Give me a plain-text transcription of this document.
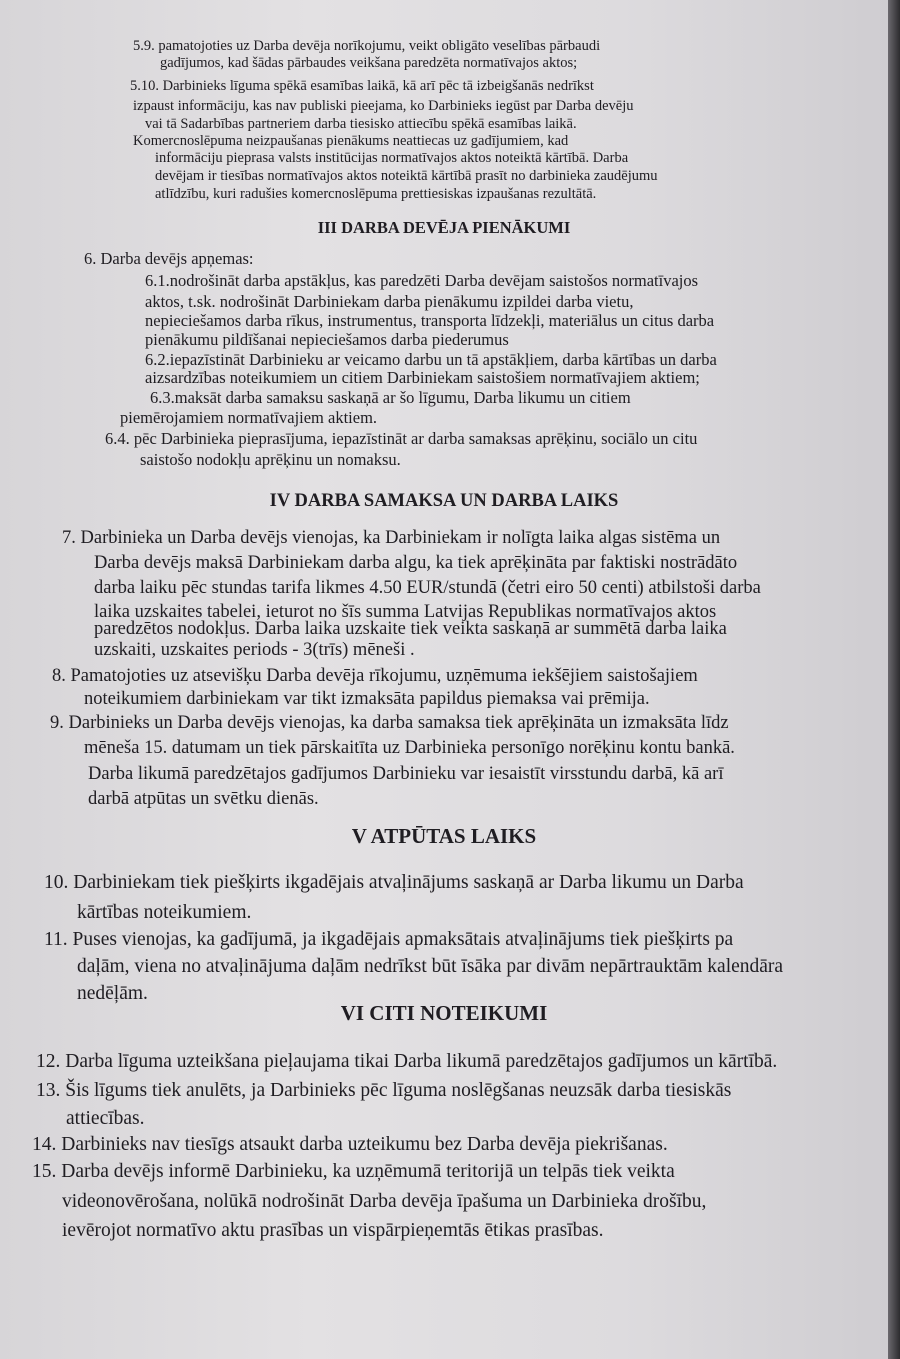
5.9. pamatojoties uz Darba devēja norīkojumu, veikt obligāto veselības pārbaudi
gadījumos, kad šādas pārbaudes veikšana paredzēta normatīvajos aktos;
5.10. Darbinieks līguma spēkā esamības laikā, kā arī pēc tā izbeigšanās nedrīkst
izpaust informāciju, kas nav publiski pieejama, ko Darbinieks iegūst par Darba devēju
vai tā Sadarbības partneriem darba tiesisko attiecību spēkā esamības laikā.
Komercnoslēpuma neizpaušanas pienākums neattiecas uz gadījumiem, kad
informāciju pieprasa valsts institūcijas normatīvajos aktos noteiktā kārtībā. Darba
devējam ir tiesības normatīvajos aktos noteiktā kārtībā prasīt no darbinieka zaudējumu
atlīdzību, kuri radušies komercnoslēpuma prettiesiskas izpaušanas rezultātā.
III DARBA DEVĒJA PIENĀKUMI
6. Darba devējs apņemas:
6.1.nodrošināt darba apstākļus, kas paredzēti Darba devējam saistošos normatīvajos
aktos, t.sk. nodrošināt Darbiniekam darba pienākumu izpildei darba vietu,
nepieciešamos darba rīkus, instrumentus, transporta līdzekļi, materiālus un citus darba
pienākumu pildīšanai nepieciešamos darba piederumus
6.2.iepazīstināt Darbinieku ar veicamo darbu un tā apstākļiem, darba kārtības un darba
aizsardzības noteikumiem un citiem Darbiniekam saistošiem normatīvajiem aktiem;
6.3.maksāt darba samaksu saskaņā ar šo līgumu, Darba likumu un citiem
piemērojamiem normatīvajiem aktiem.
6.4. pēc Darbinieka pieprasījuma, iepazīstināt ar darba samaksas aprēķinu, sociālo un citu
saistošo nodokļu aprēķinu un nomaksu.
IV DARBA SAMAKSA UN DARBA LAIKS
7. Darbinieka un Darba devējs vienojas, ka Darbiniekam ir nolīgta laika algas sistēma un
Darba devējs maksā Darbiniekam darba algu, ka tiek aprēķināta par faktiski nostrādāto
darba laiku pēc stundas tarifa likmes 4.50 EUR/stundā (četri eiro 50 centi) atbilstoši darba
laika uzskaites tabelei, ieturot no šīs summa Latvijas Republikas normatīvajos aktos
paredzētos nodokļus. Darba laika uzskaite tiek veikta saskaņā ar summētā darba laika
uzskaiti, uzskaites periods - 3(trīs) mēneši .
8. Pamatojoties uz atsevišķu Darba devēja rīkojumu, uzņēmuma iekšējiem saistošajiem
noteikumiem darbiniekam var tikt izmaksāta papildus piemaksa vai prēmija.
9. Darbinieks un Darba devējs vienojas, ka darba samaksa tiek aprēķināta un izmaksāta līdz
mēneša 15. datumam un tiek pārskaitīta uz Darbinieka personīgo norēķinu kontu bankā.
Darba likumā paredzētajos gadījumos Darbinieku var iesaistīt virsstundu darbā, kā arī
darbā atpūtas un svētku dienās.
V ATPŪTAS LAIKS
10. Darbiniekam tiek piešķirts ikgadējais atvaļinājums saskaņā ar Darba likumu un Darba
kārtības noteikumiem.
11. Puses vienojas, ka gadījumā, ja ikgadējais apmaksātais atvaļinājums tiek piešķirts pa
daļām, viena no atvaļinājuma daļām nedrīkst būt īsāka par divām nepārtrauktām kalendāra
nedēļām.
VI CITI NOTEIKUMI
12. Darba līguma uzteikšana pieļaujama tikai Darba likumā paredzētajos gadījumos un kārtībā.
13. Šis līgums tiek anulēts, ja Darbinieks pēc līguma noslēgšanas neuzsāk darba tiesiskās
attiecības.
14. Darbinieks nav tiesīgs atsaukt darba uzteikumu bez Darba devēja piekrišanas.
15. Darba devējs informē Darbinieku, ka uzņēmumā teritorijā un telpās tiek veikta
videonovērošana, nolūkā nodrošināt Darba devēja īpašuma un Darbinieka drošību,
ievērojot normatīvo aktu prasības un vispārpieņemtās ētikas prasības.
